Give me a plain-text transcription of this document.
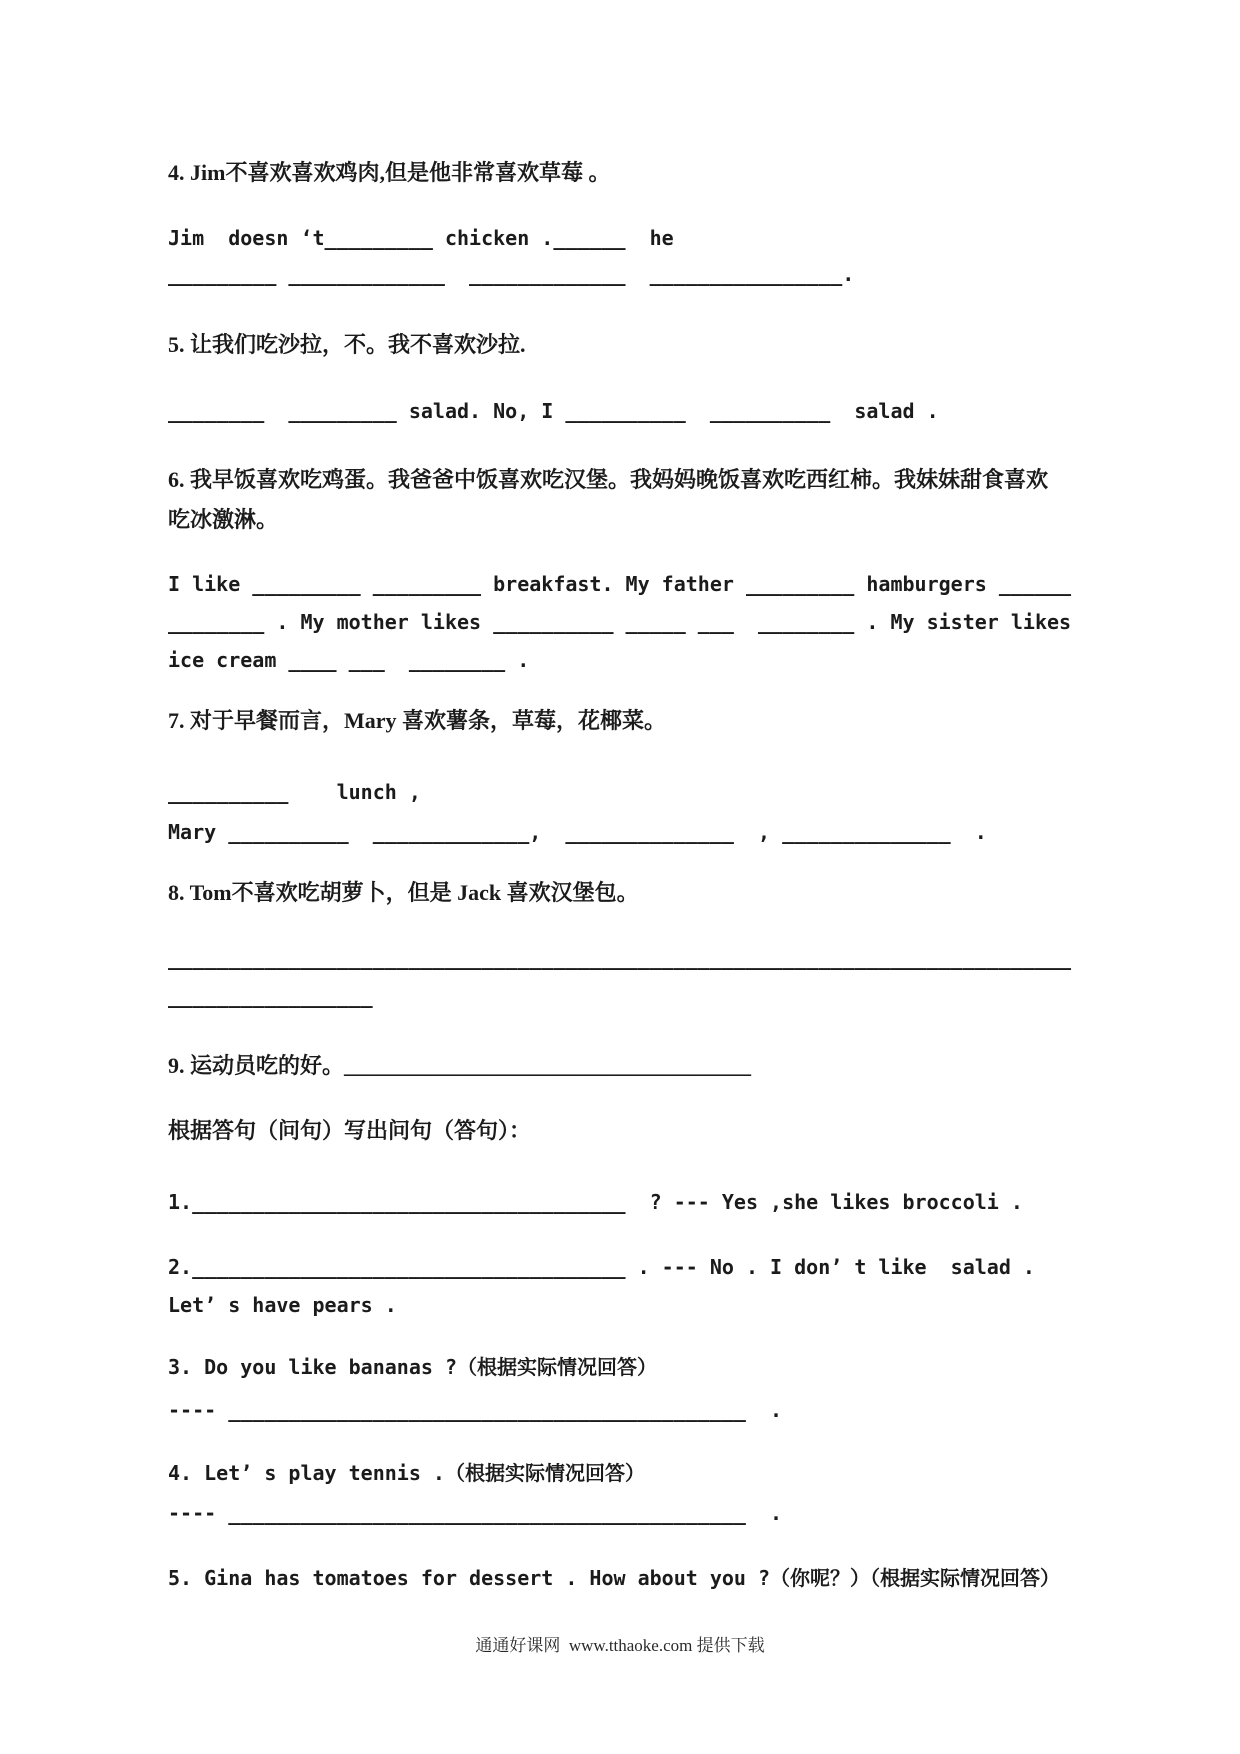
4. Jim不喜欢喜欢鸡肉,但是他非常喜欢草莓 。
Jim  doesn ‘t_________ chicken .______  he
_________ _____________  _____________  ________________.
5. 让我们吃沙拉，不。我不喜欢沙拉.
________  _________ salad. No, I __________  __________  salad .
6. 我早饭喜欢吃鸡蛋。我爸爸中饭喜欢吃汉堡。我妈妈晚饭喜欢吃西红柿。我妹妹甜食喜欢吃冰激淋。
I like _________ _________ breakfast. My father _________ hamburgers ______
________ . My mother likes __________ _____ ___  ________ . My sister likes
ice cream ____ ___  ________ .
7. 对于早餐而言，Mary 喜欢薯条，草莓，花椰菜。
__________    lunch ,
Mary __________  _____________,  ______________  , ______________  .
8. Tom不喜欢吃胡萝卜，但是 Jack 喜欢汉堡包。
___________________________________________________________________________
_________________
9. 运动员吃的好。_____________________________________
根据答句（问句）写出问句（答句）：
1.____________________________________  ? --- Yes ,she likes broccoli .
2.____________________________________ . --- No . I don’ t like  salad .
Let’ s have pears .
3. Do you like bananas ?（根据实际情况回答）
---- ___________________________________________  .
4. Let’ s play tennis .（根据实际情况回答）
---- ___________________________________________  .
5. Gina has tomatoes for dessert . How about you ?（你呢？）（根据实际情况回答）
通通好课网  www.tthaoke.com 提供下载
